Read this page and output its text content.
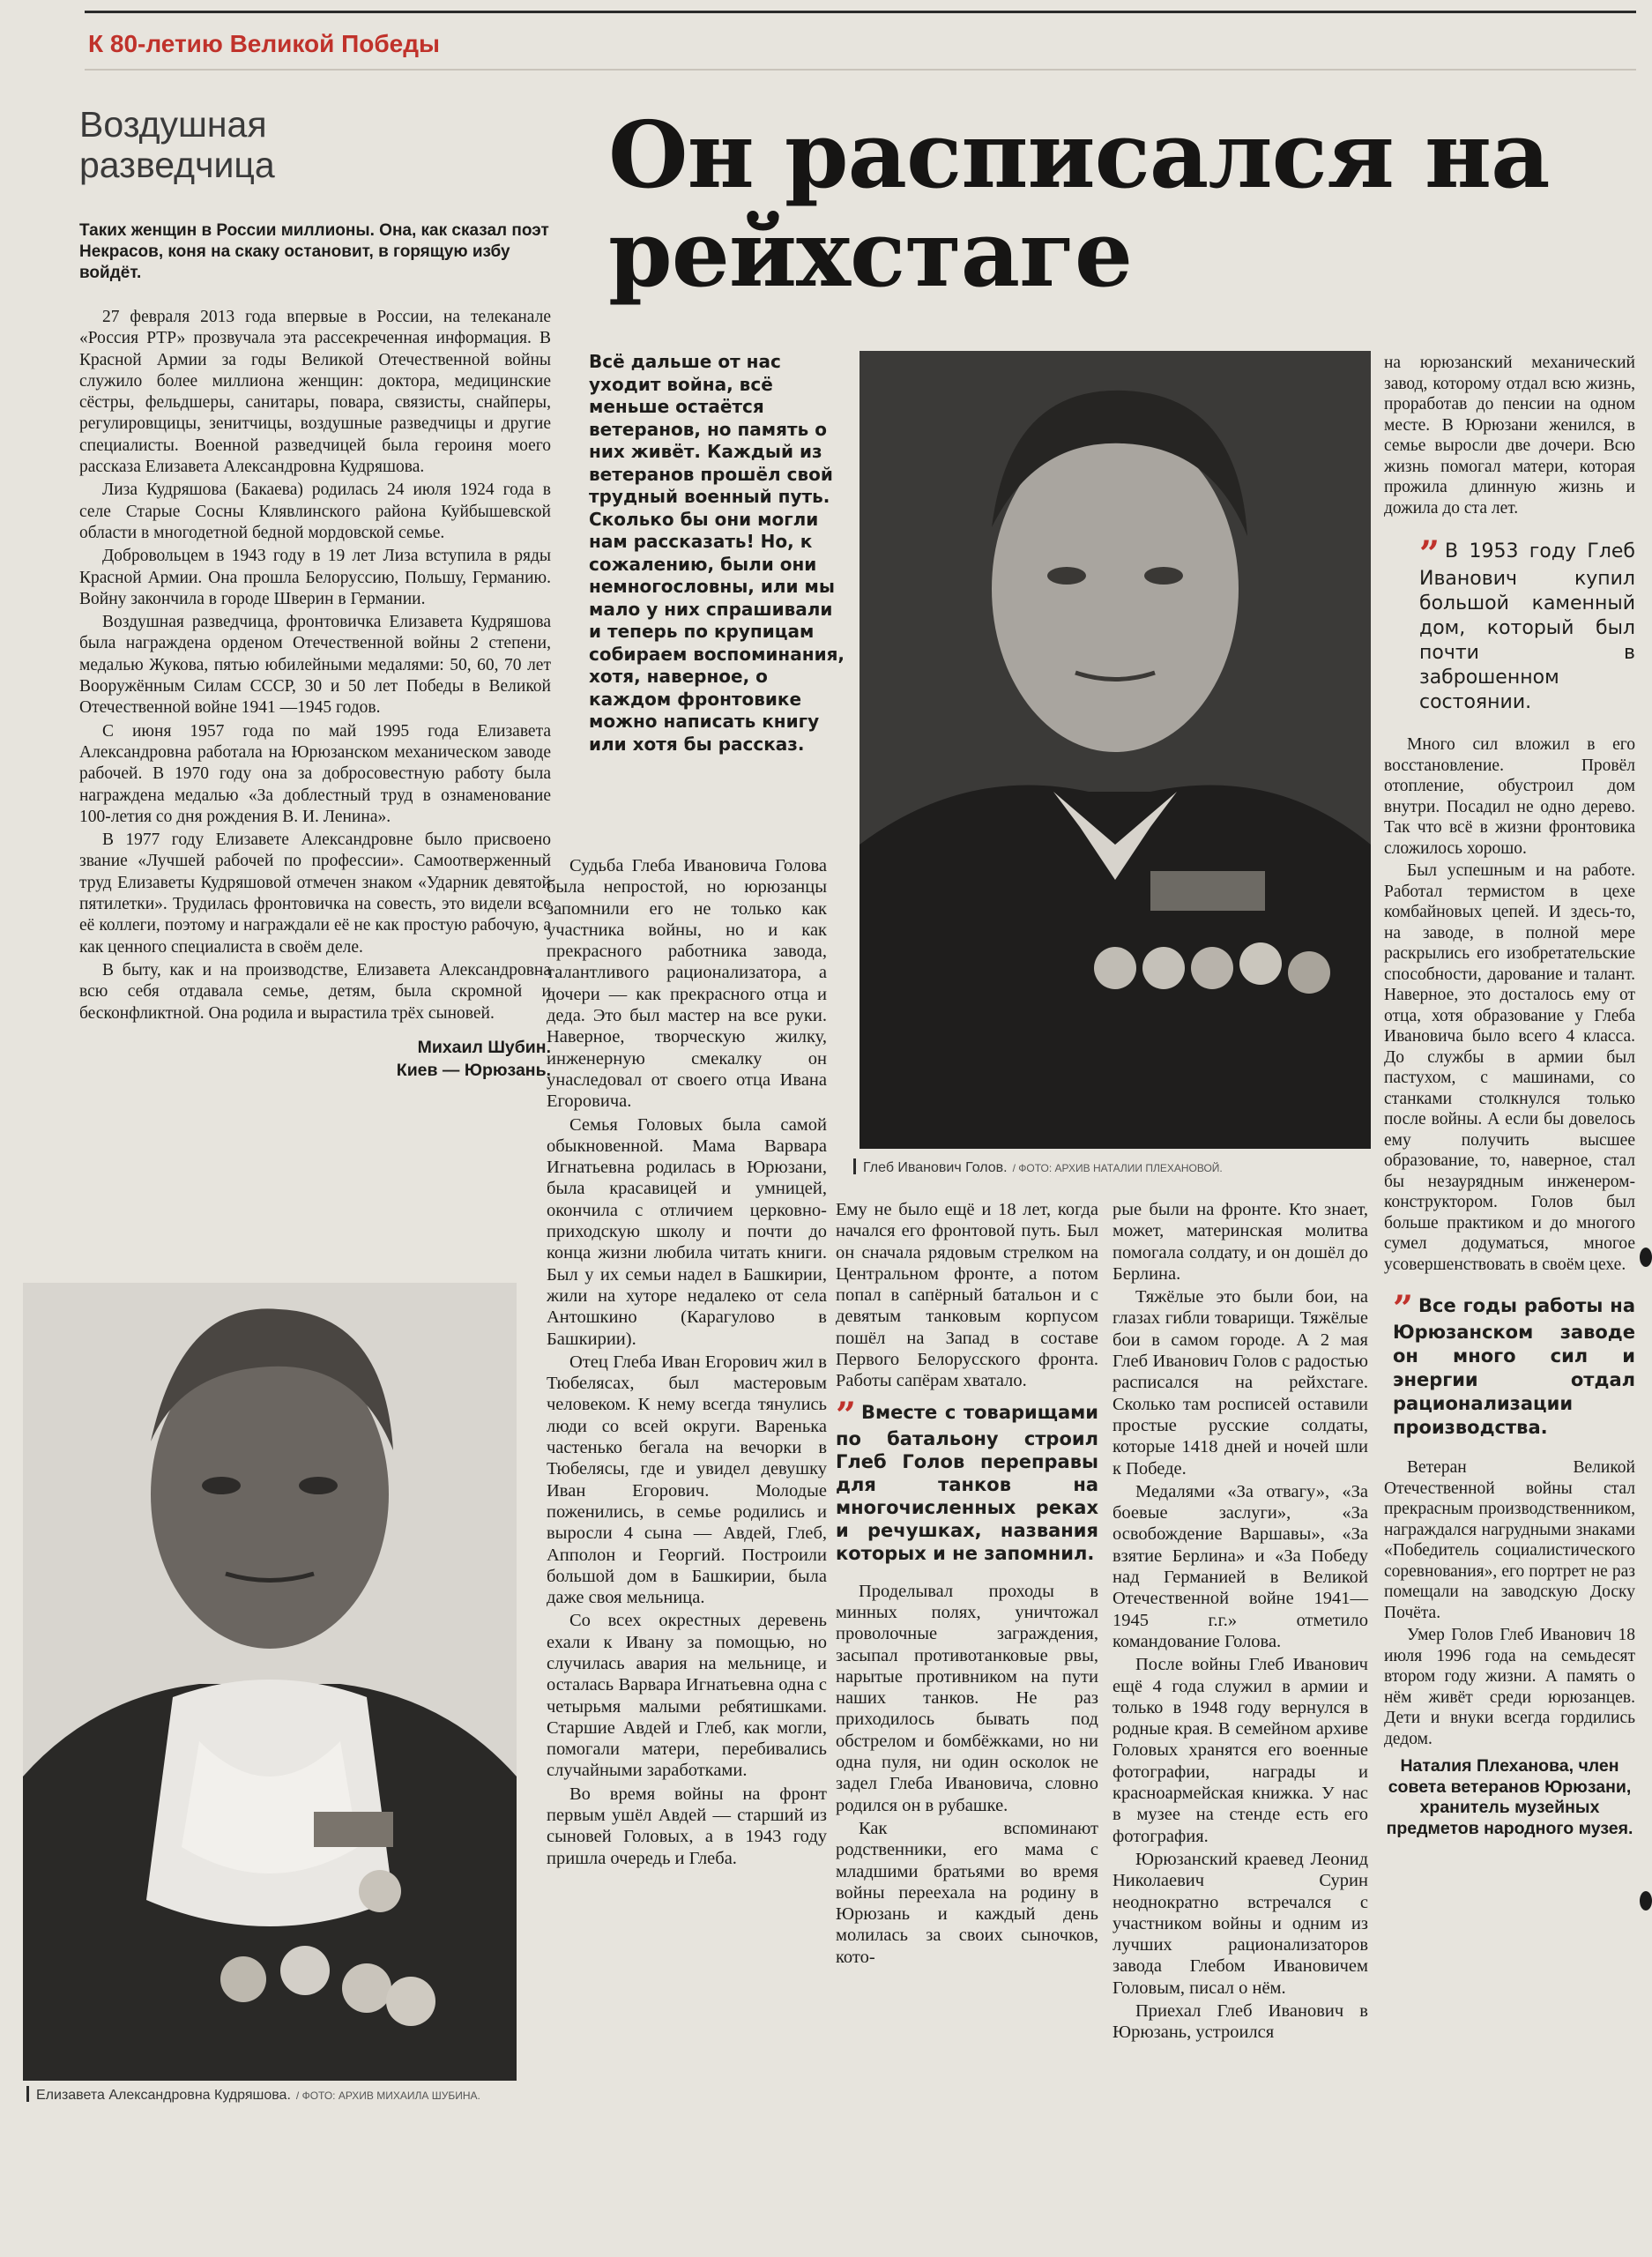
К 80-летию Великой Победы
Воздушная разведчица
Таких женщин в России миллионы. Она, как сказал поэт Некрасов, коня на скаку остановит, в горящую избу войдёт.

27 февраля 2013 года впервые в России, на телеканале «Россия РТР» прозвучала эта рассекреченная информация. В Красной Армии за годы Великой Отечественной войны служило более миллиона женщин: доктора, медицинские сёстры, фельдшеры, санитары, повара, связисты, снайперы, регулировщицы, зенитчицы, воздушные разведчицы и другие специалисты. Военной разведчицей была героиня моего рассказа Елизавета Александровна Кудряшова.

Лиза Кудряшова (Бакаева) родилась 24 июля 1924 года в селе Старые Сосны Клявлинского района Куйбышевской области в многодетной бедной мордовской семье.

Добровольцем в 1943 году в 19 лет Лиза вступила в ряды Красной Армии. Она прошла Белоруссию, Польшу, Германию. Войну закончила в городе Шверин в Германии.

Воздушная разведчица, фронтовичка Елизавета Кудряшова была награждена орденом Отечественной войны 2 степени, медалью Жукова, пятью юбилейными медалями: 50, 60, 70 лет Вооружённым Силам СССР, 30 и 50 лет Победы в Великой Отечественной войне 1941 —1945 годов.

С июня 1957 года по май 1995 года Елизавета Александровна работала на Юрюзанском механическом заводе рабочей. В 1970 году она за добросовестную работу была награждена медалью «За доблестный труд в ознаменование 100-летия со дня рождения В. И. Ленина».

В 1977 году Елизавете Александровне было присвоено звание «Лучшей рабочей по профессии». Самоотверженный труд Елизаветы Кудряшовой отмечен знаком «Ударник девятой пятилетки». Трудилась фронтовичка на совесть, это видели все её коллеги, поэтому и награждали её не как простую рабочую, а как ценного специалиста в своём деле.

В быту, как и на производстве, Елизавета Александровна всю себя отдавала семье, детям, была скромной и бесконфликтной. Она родила и вырастила трёх сыновей.

Михаил Шубин.
Киев — Юрюзань.
Елизавета Александровна Кудряшова. / ФОТО: АРХИВ МИХАИЛА ШУБИНА.
Он расписался на рейхстаге
Всё дальше от нас уходит война, всё меньше остаётся ветеранов, но память о них живёт. Каждый из ветеранов прошёл свой трудный военный путь. Сколько бы они могли нам рассказать! Но, к сожалению, были они немногословны, или мы мало у них спрашивали и теперь по крупицам собираем воспоминания, хотя, наверное, о каждом фронтовике можно написать книгу или хотя бы рассказ.
Глеб Иванович Голов. / ФОТО: АРХИВ НАТАЛИИ ПЛЕХАНОВОЙ.

Судьба Глеба Ивановича Голова была непростой, но юрюзанцы запомнили его не только как участника войны, но и как прекрасного работника завода, талантливого рационализатора, а дочери — как прекрасного отца и деда. Это был мастер на все руки. Наверное, творческую жилку, инженерную смекалку он унаследовал от своего отца Ивана Егоровича.

Семья Головых была самой обыкновенной. Мама Варвара Игнатьевна родилась в Юрюзани, была красавицей и умницей, окончила с отличием церковно-приходскую школу и почти до конца жизни любила читать книги. Был у их семьи надел в Башкирии, жили на хуторе недалеко от села Антошкино (Карагулово в Башкирии).

Отец Глеба Иван Егорович жил в Тюбелясах, был мастеровым человеком. К нему всегда тянулись люди со всей округи. Варенька частенько бегала на вечорки в Тюбелясы, где и увидел девушку Иван Егорович. Молодые поженились, в семье родились и выросли 4 сына — Авдей, Глеб, Апполон и Георгий. Построили большой дом в Башкирии, была даже своя мельница.

Со всех окрестных деревень ехали к Ивану за помощью, но случилась авария на мельнице, и осталась Варвара Игнатьевна одна с четырьмя малыми ребятишками. Старшие Авдей и Глеб, как могли, помогали матери, перебивались случайными заработками.

Во время войны на фронт первым ушёл Авдей — старший из сыновей Головых, а в 1943 году пришла очередь и Глеба.

Ему не было ещё и 18 лет, когда начался его фронтовой путь. Был он сначала рядовым стрелком на Центральном фронте, а потом попал в сапёрный батальон и с девятым танковым корпусом пошёл на Запад в составе Первого Белорусского фронта. Работы сапёрам хватало.

” Вместе с товарищами по батальону строил Глеб Голов переправы для танков на многочисленных реках и речушках, названия которых и не запомнил.

Проделывал проходы в минных полях, уничтожал проволочные заграждения, засыпал противотанковые рвы, нарытые противником на пути наших танков. Не раз приходилось бывать под обстрелом и бомбёжками, но ни одна пуля, ни один осколок не задел Глеба Ивановича, словно родился он в рубашке.

Как вспоминают родственники, его мама с младшими братьями во время войны переехала на родину в Юрюзань и каждый день молилась за своих сыночков, кото-

рые были на фронте. Кто знает, может, материнская молитва помогала солдату, и он дошёл до Берлина.

Тяжёлые это были бои, на глазах гибли товарищи. Тяжёлые бои в самом городе. А 2 мая Глеб Иванович Голов с радостью расписался на рейхстаге. Сколько там росписей оставили простые русские солдаты, которые 1418 дней и ночей шли к Победе.

Медалями «За отвагу», «За боевые заслуги», «За освобождение Варшавы», «За взятие Берлина» и «За Победу над Германией в Великой Отечественной войне 1941—1945 г.г.» отметило командование Голова.

После войны Глеб Иванович ещё 4 года служил в армии и только в 1948 году вернулся в родные края. В семейном архиве Головых хранятся его военные фотографии, награды и красноармейская книжка. У нас в музее на стенде есть его фотография.

Юрюзанский краевед Леонид Николаевич Сурин неоднократно встречался с участником войны и одним из лучших рационализаторов завода Глебом Ивановичем Головым, писал о нём.

Приехал Глеб Иванович в Юрюзань, устроился

на юрюзанский механический завод, которому отдал всю жизнь, проработав до пенсии на одном месте. В Юрюзани женился, в семье выросли две дочери. Всю жизнь помогал матери, которая прожила длинную жизнь и дожила до ста лет.

” В 1953 году Глеб Иванович купил большой каменный дом, который был почти в заброшенном состоянии.

Много сил вложил в его восстановление. Провёл отопление, обустроил дом внутри. Посадил не одно дерево. Так что всё в жизни фронтовика сложилось хорошо.

Был успешным и на работе. Работал термистом в цехе комбайновых цепей. И здесь-то, на заводе, в полной мере раскрылись его изобретательские способности, дарование и талант. Наверное, это досталось ему от отца, хотя образование у Глеба Ивановича было всего 4 класса. До службы в армии был пастухом, с машинами, со станками столкнулся только после войны. А если бы довелось ему получить высшее образование, то, наверное, стал бы незаурядным инженером-конструктором. Голов был больше практиком и до многого сумел додуматься, многое усовершенствовать в своём цехе.

” Все годы работы на Юрюзанском заводе он много сил и энергии отдал рационализации производства.

Ветеран Великой Отечественной войны стал прекрасным производственником, награждался нагрудными знаками «Победитель социалистического соревнования», его портрет не раз помещали на заводскую Доску Почёта.

Умер Голов Глеб Иванович 18 июля 1996 года на семьдесят втором году жизни. А память о нём живёт среди юрюзанцев. Дети и внуки всегда гордились дедом.

Наталия Плеханова, член совета ветеранов Юрюзани, хранитель музейных предметов народного музея.
